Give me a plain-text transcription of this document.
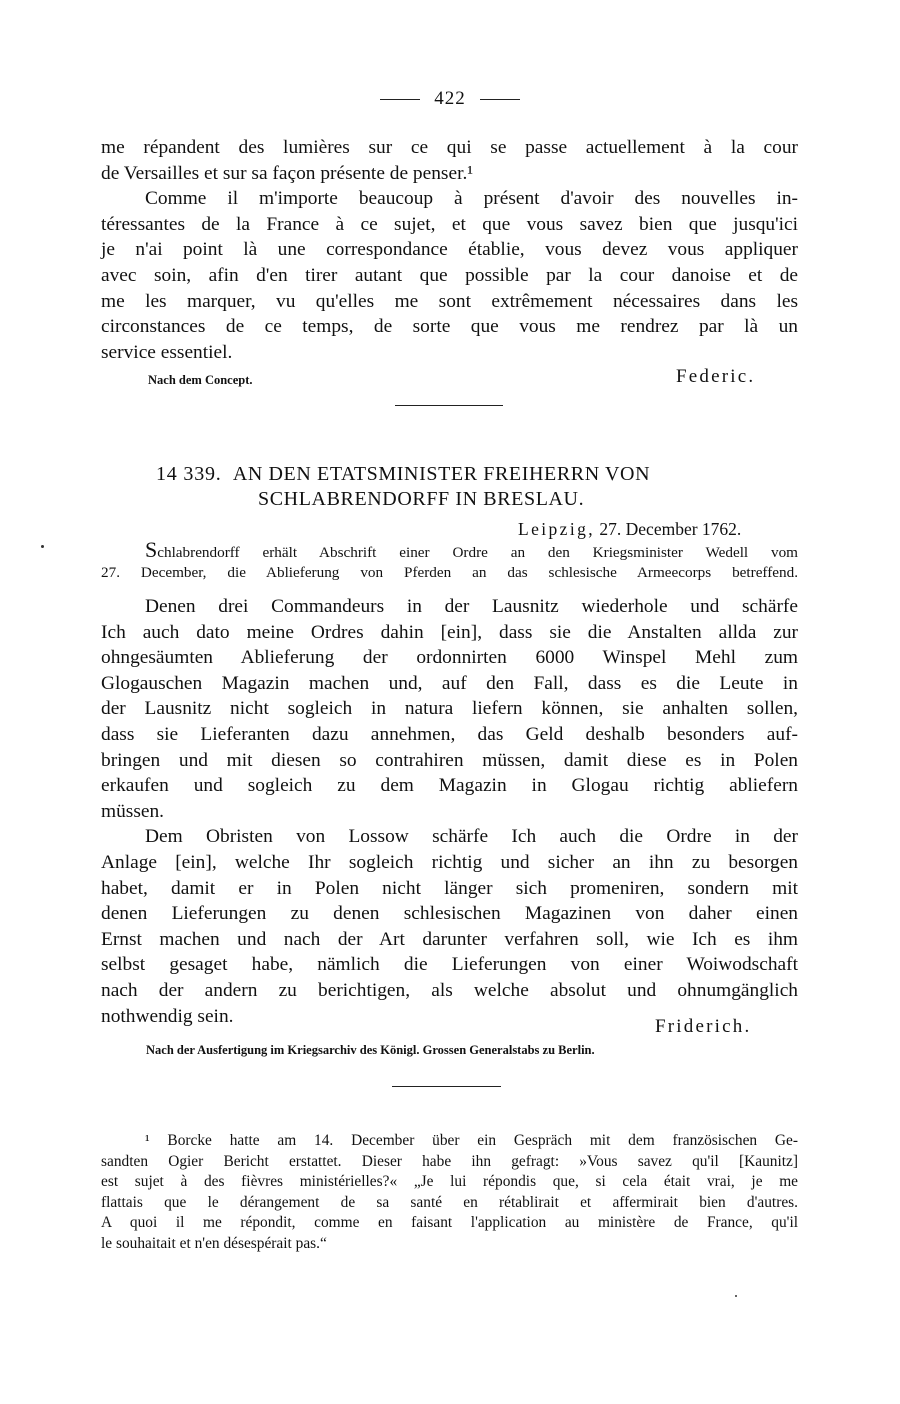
422

me répandent des lumières sur ce qui se passe actuellement à la cour
de Versailles et sur sa façon présente de penser.¹

Comme il m'importe beaucoup à présent d'avoir des nouvelles in-
téressantes de la France à ce sujet, et que vous savez bien que jusqu'ici
je n'ai point là une correspondance établie, vous devez vous appliquer
avec soin, afin d'en tirer autant que possible par la cour danoise et de
me les marquer, vu qu'elles me sont extrêmement nécessaires dans les
circonstances de ce temps, de sorte que vous me rendrez par là un
service essentiel.

Nach dem Concept.	Federic.
14 339. AN DEN ETATSMINISTER FREIHERRN VON
SCHLABRENDORFF IN BRESLAU.
Leipzig, 27. December 1762.
Schlabrendorff erhält Abschrift einer Ordre an den Kriegsminister Wedell vom
27. December, die Ablieferung von Pferden an das schlesische Armeecorps betreffend.

Denen drei Commandeurs in der Lausnitz wiederhole und schärfe
Ich auch dato meine Ordres dahin [ein], dass sie die Anstalten allda zur
ohngesäumten Ablieferung der ordonnirten 6000 Winspel Mehl zum
Glogauschen Magazin machen und, auf den Fall, dass es die Leute in
der Lausnitz nicht sogleich in natura liefern können, sie anhalten sollen,
dass sie Lieferanten dazu annehmen, das Geld deshalb besonders auf-
bringen und mit diesen so contrahiren müssen, damit diese es in Polen
erkaufen und sogleich zu dem Magazin in Glogau richtig abliefern
müssen.

Dem Obristen von Lossow schärfe Ich auch die Ordre in der
Anlage [ein], welche Ihr sogleich richtig und sicher an ihn zu besorgen
habet, damit er in Polen nicht länger sich promeniren, sondern mit
denen Lieferungen zu denen schlesischen Magazinen von daher einen
Ernst machen und nach der Art darunter verfahren soll, wie Ich es ihm
selbst gesaget habe, nämlich die Lieferungen von einer Woiwodschaft
nach der andern zu berichtigen, als welche absolut und ohnumgänglich
nothwendig sein.	Friderich.
Nach der Ausfertigung im Kriegsarchiv des Königl. Grossen Generalstabs zu Berlin.
¹ Borcke hatte am 14. December über ein Gespräch mit dem französischen Ge-
sandten Ogier Bericht erstattet. Dieser habe ihn gefragt: »Vous savez qu'il [Kaunitz]
est sujet à des fièvres ministérielles?« „Je lui répondis que, si cela était vrai, je me
flattais que le dérangement de sa santé en rétablirait et affermirait bien d'autres.
A quoi il me répondit, comme en faisant l'application au ministère de France, qu'il
le souhaitait et n'en désespérait pas.“
